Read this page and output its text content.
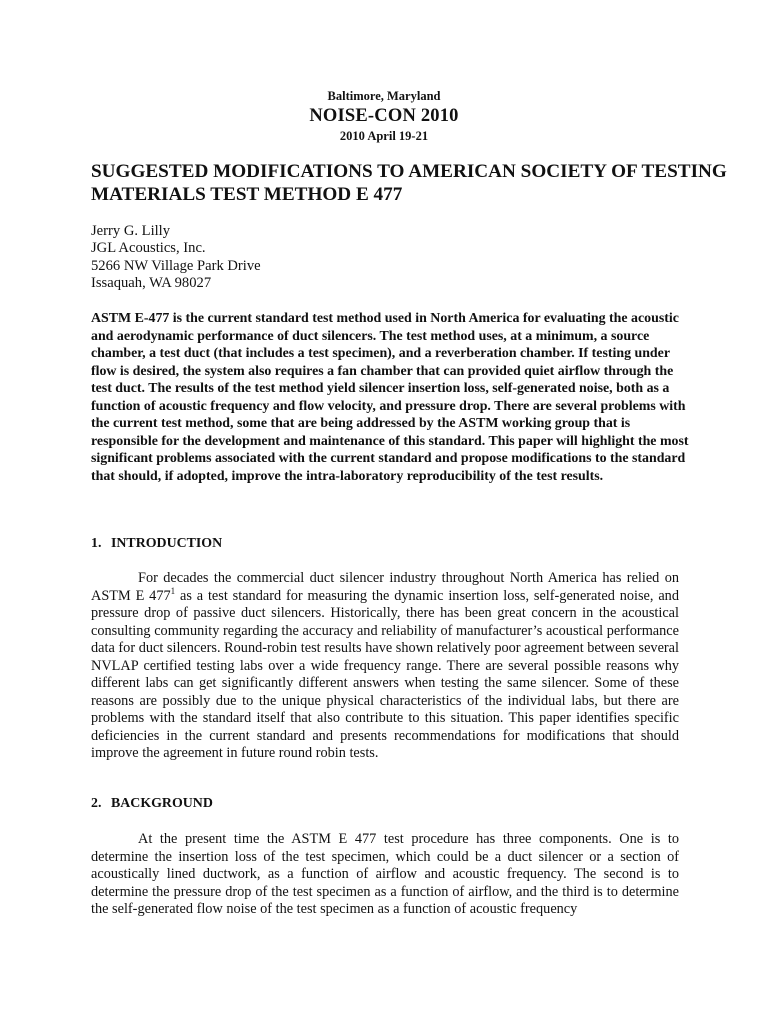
Baltimore, Maryland
NOISE-CON 2010
2010 April 19-21
SUGGESTED MODIFICATIONS TO AMERICAN SOCIETY OF TESTING MATERIALS TEST METHOD E 477
Jerry G. Lilly
JGL Acoustics, Inc.
5266 NW Village Park Drive
Issaquah, WA 98027

ASTM E-477 is the current standard test method used in North America for evaluating the acoustic and aerodynamic performance of duct silencers. The test method uses, at a minimum, a source chamber, a test duct (that includes a test specimen), and a reverberation chamber. If testing under flow is desired, the system also requires a fan chamber that can provided quiet airflow through the test duct. The results of the test method yield silencer insertion loss, self-generated noise, both as a function of acoustic frequency and flow velocity, and pressure drop. There are several problems with the current test method, some that are being addressed by the ASTM working group that is responsible for the development and maintenance of this standard. This paper will highlight the most significant problems associated with the current standard and propose modifications to the standard that should, if adopted, improve the intra-laboratory reproducibility of the test results.

1. INTRODUCTION

For decades the commercial duct silencer industry throughout North America has relied on ASTM E $477^1$ as a test standard for measuring the dynamic insertion loss, self-generated noise, and pressure drop of passive duct silencers. Historically, there has been great concern in the acoustical consulting community regarding the accuracy and reliability of manufacturer’s acoustical performance data for duct silencers. Round-robin test results have shown relatively poor agreement between several NVLAP certified testing labs over a wide frequency range. There are several possible reasons why different labs can get significantly different answers when testing the same silencer. Some of these reasons are possibly due to the unique physical characteristics of the individual labs, but there are problems with the standard itself that also contribute to this situation. This paper identifies specific deficiencies in the current standard and presents recommendations for modifications that should improve the agreement in future round robin tests.

2. BACKGROUND

At the present time the ASTM E 477 test procedure has three components. One is to determine the insertion loss of the test specimen, which could be a duct silencer or a section of acoustically lined ductwork, as a function of airflow and acoustic frequency. The second is to determine the pressure drop of the test specimen as a function of airflow, and the third is to determine the self-generated flow noise of the test specimen as a function of acoustic frequency
